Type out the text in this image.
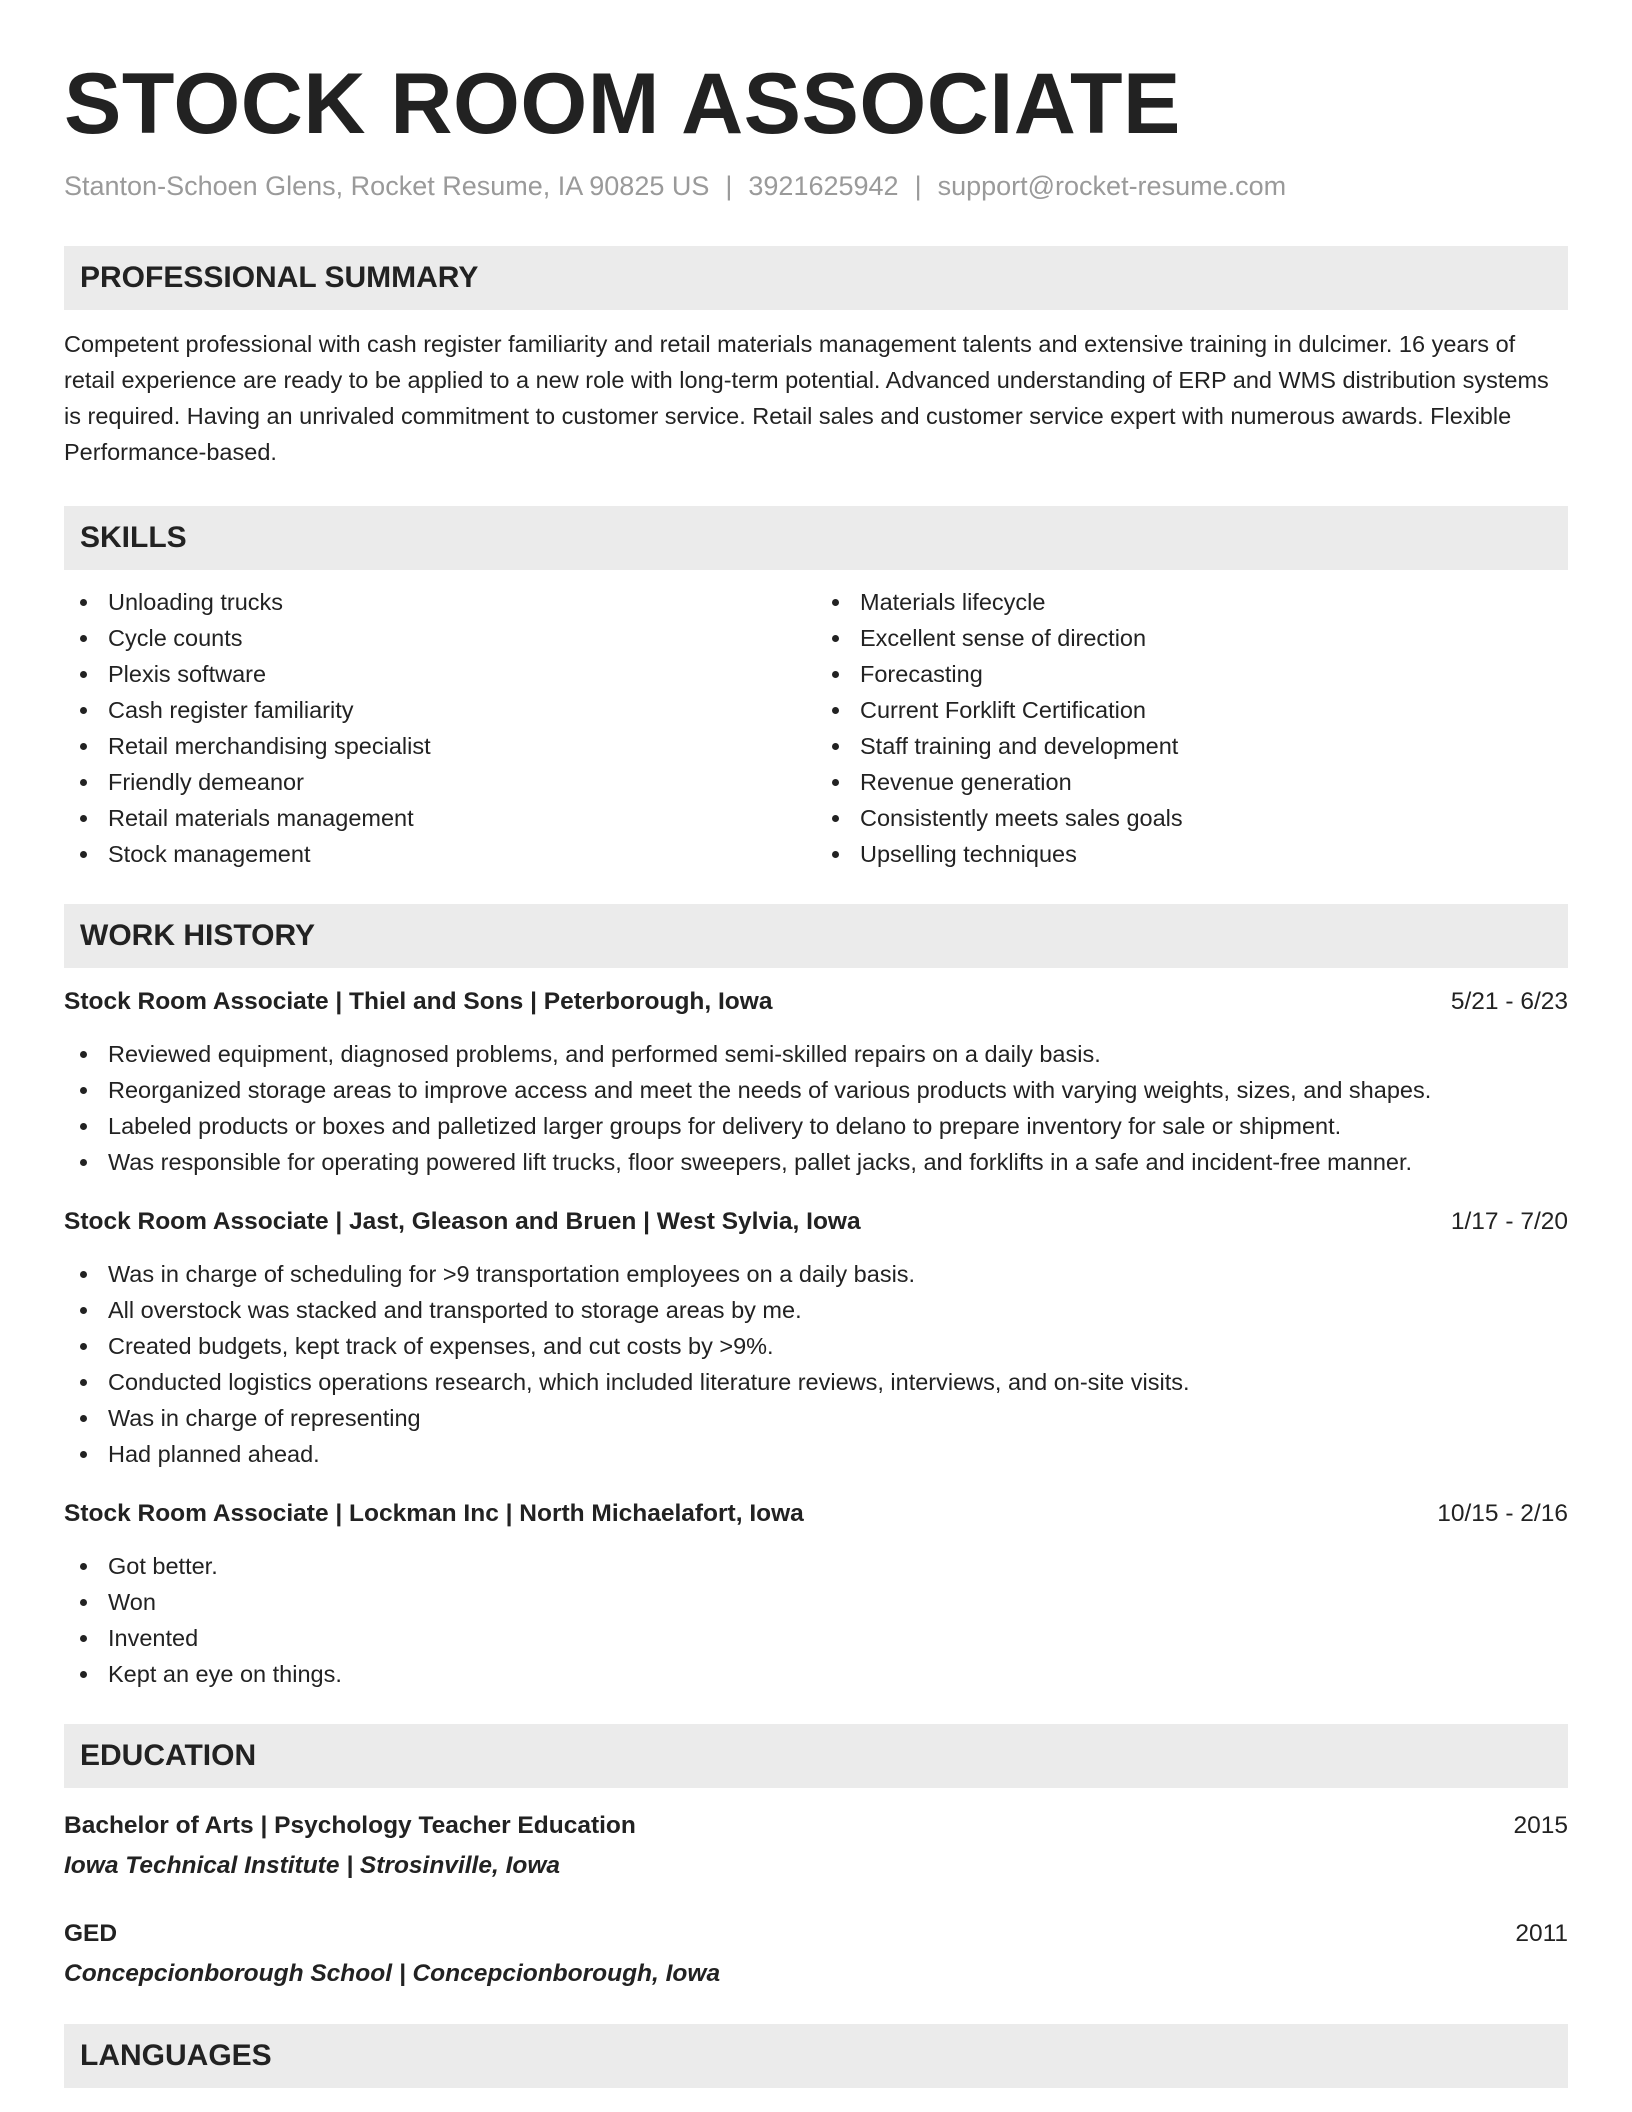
STOCK ROOM ASSOCIATE
Stanton-Schoen Glens, Rocket Resume, IA 90825 US | 3921625942 | support@rocket-resume.com
PROFESSIONAL SUMMARY
Competent professional with cash register familiarity and retail materials management talents and extensive training in dulcimer. 16 years of retail experience are ready to be applied to a new role with long-term potential. Advanced understanding of ERP and WMS distribution systems is required. Having an unrivaled commitment to customer service. Retail sales and customer service expert with numerous awards. Flexible Performance-based.
SKILLS
Unloading trucks
Cycle counts
Plexis software
Cash register familiarity
Retail merchandising specialist
Friendly demeanor
Retail materials management
Stock management
Materials lifecycle
Excellent sense of direction
Forecasting
Current Forklift Certification
Staff training and development
Revenue generation
Consistently meets sales goals
Upselling techniques
WORK HISTORY
Stock Room Associate | Thiel and Sons | Peterborough, Iowa	5/21 - 6/23
Reviewed equipment, diagnosed problems, and performed semi-skilled repairs on a daily basis.
Reorganized storage areas to improve access and meet the needs of various products with varying weights, sizes, and shapes.
Labeled products or boxes and palletized larger groups for delivery to delano to prepare inventory for sale or shipment.
Was responsible for operating powered lift trucks, floor sweepers, pallet jacks, and forklifts in a safe and incident-free manner.
Stock Room Associate | Jast, Gleason and Bruen | West Sylvia, Iowa	1/17 - 7/20
Was in charge of scheduling for >9 transportation employees on a daily basis.
All overstock was stacked and transported to storage areas by me.
Created budgets, kept track of expenses, and cut costs by >9%.
Conducted logistics operations research, which included literature reviews, interviews, and on-site visits.
Was in charge of representing
Had planned ahead.
Stock Room Associate | Lockman Inc | North Michaelafort, Iowa	10/15 - 2/16
Got better.
Won
Invented
Kept an eye on things.
EDUCATION
Bachelor of Arts | Psychology Teacher Education	2015
Iowa Technical Institute | Strosinville, Iowa
GED	2011
Concepcionborough School | Concepcionborough, Iowa
LANGUAGES
